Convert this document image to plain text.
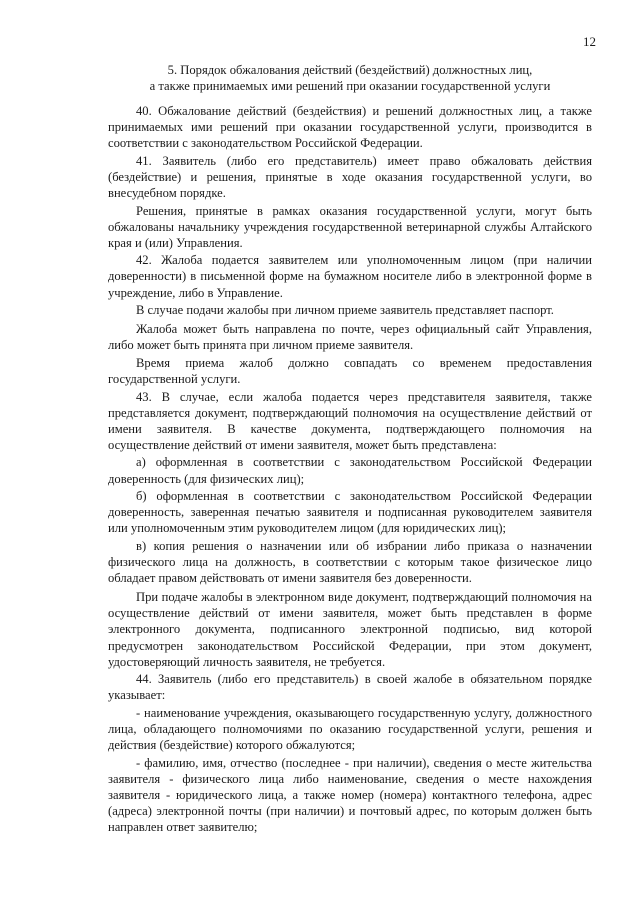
12
5. Порядок обжалования действий (бездействий) должностных лиц,
а также принимаемых ими решений при оказании государственной услуги

40. Обжалование действий (бездействия) и решений должностных лиц, а также принимаемых ими решений при оказании государственной услуги, производится в соответствии с законодательством Российской Федерации.

41. Заявитель (либо его представитель) имеет право обжаловать действия (бездействие) и решения, принятые в ходе оказания государственной услуги, во внесудебном порядке.

Решения, принятые в рамках оказания государственной услуги, могут быть обжалованы начальнику учреждения государственной ветеринарной службы Алтайского края и (или) Управления.

42. Жалоба подается заявителем или уполномоченным лицом (при наличии доверенности) в письменной форме на бумажном носителе либо в электронной форме в учреждение, либо в Управление.

В случае подачи жалобы при личном приеме заявитель представляет паспорт.

Жалоба может быть направлена по почте, через официальный сайт Управления, либо может быть принята при личном приеме заявителя.

Время приема жалоб должно совпадать со временем предоставления государственной услуги.

43. В случае, если жалоба подается через представителя заявителя, также представляется документ, подтверждающий полномочия на осуществление действий от имени заявителя. В качестве документа, подтверждающего полномочия на осуществление действий от имени заявителя, может быть представлена:

а) оформленная в соответствии с законодательством Российской Федерации доверенность (для физических лиц);

б) оформленная в соответствии с законодательством Российской Федерации доверенность, заверенная печатью заявителя и подписанная руководителем заявителя или уполномоченным этим руководителем лицом (для юридических лиц);

в) копия решения о назначении или об избрании либо приказа о назначении физического лица на должность, в соответствии с которым такое физическое лицо обладает правом действовать от имени заявителя без доверенности.

При подаче жалобы в электронном виде документ, подтверждающий полномочия на осуществление действий от имени заявителя, может быть представлен в форме электронного документа, подписанного электронной подписью, вид которой предусмотрен законодательством Российской Федерации, при этом документ, удостоверяющий личность заявителя, не требуется.

44. Заявитель (либо его представитель) в своей жалобе в обязательном порядке указывает:

- наименование учреждения, оказывающего государственную услугу, должностного лица, обладающего полномочиями по оказанию государственной услуги, решения и действия (бездействие) которого обжалуются;

- фамилию, имя, отчество (последнее - при наличии), сведения о месте жительства заявителя - физического лица либо наименование, сведения о месте нахождения заявителя - юридического лица, а также номер (номера) контактного телефона, адрес (адреса) электронной почты (при наличии) и почтовый адрес, по которым должен быть направлен ответ заявителю;
